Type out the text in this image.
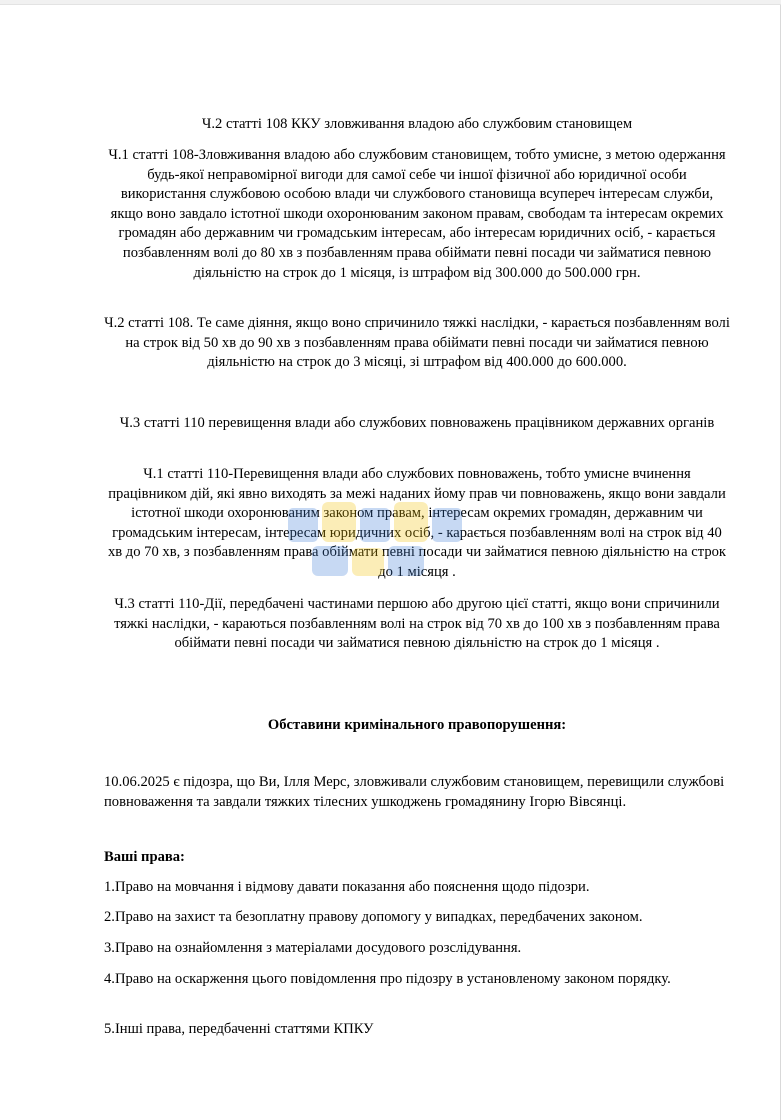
Ч.2 статті 108 ККУ зловживання владою або службовим становищем

Ч.1 статті 108-Зловживання владою або службовим становищем, тобто умисне, з метою одержання будь-якої неправомірної вигоди для самої себе чи іншої фізичної або юридичної особи використання службовою особою влади чи службового становища всупереч інтересам служби, якщо воно завдало істотної шкоди охоронюваним законом правам, свободам та інтересам окремих громадян або державним чи громадським інтересам, або інтересам юридичних осіб, - карається позбавленням волі до 80 хв з позбавленням права обіймати певні посади чи займатися певною діяльністю на строк до 1 місяця, із штрафом від 300.000 до 500.000 грн.

Ч.2 статті 108. Те саме діяння, якщо воно спричинило тяжкі наслідки, - карається позбавленням волі на строк від 50 хв до 90 хв з позбавленням права обіймати певні посади чи займатися певною діяльністю на строк до 3 місяці, зі штрафом від 400.000 до 600.000.

Ч.3 статті 110 перевищення влади або службових повноважень працівником державних органів

Ч.1 статті 110-Перевищення влади або службових повноважень, тобто умисне вчинення працівником дій, які явно виходять за межі наданих йому прав чи повноважень, якщо вони завдали істотної шкоди охоронюваним законом правам, інтересам окремих громадян, державним чи громадським інтересам, інтересам юридичних осіб, - карається позбавленням волі на строк від 40 хв до 70 хв, з позбавленням права обіймати певні посади чи займатися певною діяльністю на строк до 1 місяця .

Ч.3 статті 110-Дії, передбачені частинами першою або другою цієї статті, якщо вони спричинили тяжкі наслідки, - караються позбавленням волі на строк від 70 хв до 100 хв з позбавленням права обіймати певні посади чи займатися певною діяльністю на строк до 1 місяця .

Обставини кримінального правопорушення:

10.06.2025 є підозра, що Ви, Ілля Мерс, зловживали службовим становищем, перевищили службові повноваження та завдали тяжких тілесних ушкоджень громадянину Ігорю Вівсянці.

Ваші права:

1.Право на мовчання і відмову давати показання або пояснення щодо підозри.

2.Право на захист та безоплатну правову допомогу у випадках, передбачених законом.

3.Право на ознайомлення з матеріалами досудового розслідування.

4.Право на оскарження цього повідомлення про підозру в установленому законом порядку.

5.Інші права, передбаченні статтями КПКУ
